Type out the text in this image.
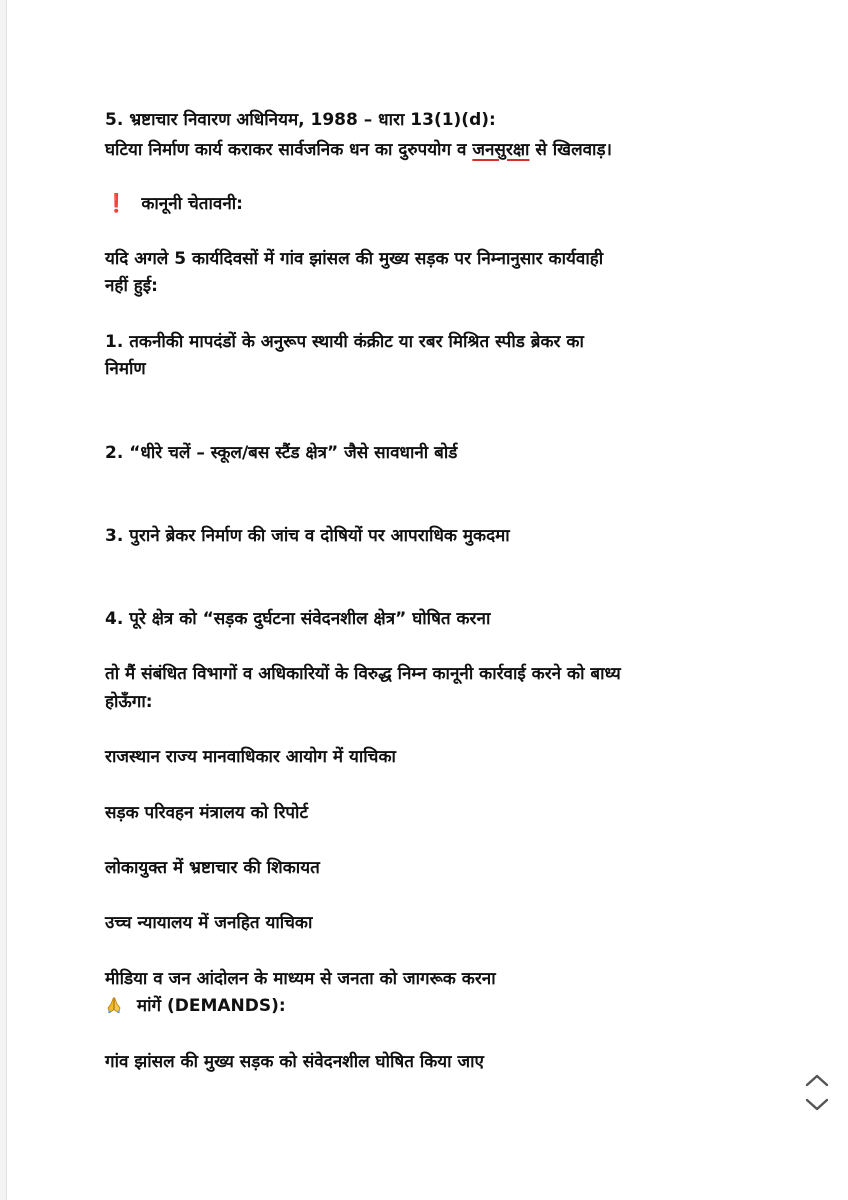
5. भ्रष्टाचार निवारण अधिनियम, 1988 – धारा 13(1)(d):
घटिया निर्माण कार्य कराकर सार्वजनिक धन का दुरुपयोग व जनसुरक्षा से खिलवाड़।
❗ कानूनी चेतावनी:
यदि अगले 5 कार्यदिवसों में गांव झांसल की मुख्य सड़क पर निम्नानुसार कार्यवाही
नहीं हुई:
1. तकनीकी मापदंडों के अनुरूप स्थायी कंक्रीट या रबर मिश्रित स्पीड ब्रेकर का
निर्माण
2. “धीरे चलें – स्कूल/बस स्टैंड क्षेत्र” जैसे सावधानी बोर्ड
3. पुराने ब्रेकर निर्माण की जांच व दोषियों पर आपराधिक मुकदमा
4. पूरे क्षेत्र को “सड़क दुर्घटना संवेदनशील क्षेत्र” घोषित करना
तो मैं संबंधित विभागों व अधिकारियों के विरुद्ध निम्न कानूनी कार्रवाई करने को बाध्य
होऊँगा:
राजस्थान राज्य मानवाधिकार आयोग में याचिका
सड़क परिवहन मंत्रालय को रिपोर्ट
लोकायुक्त में भ्रष्टाचार की शिकायत
उच्च न्यायालय में जनहित याचिका
मीडिया व जन आंदोलन के माध्यम से जनता को जागरूक करना
मांगें (DEMANDS):
गांव झांसल की मुख्य सड़क को संवेदनशील घोषित किया जाए
